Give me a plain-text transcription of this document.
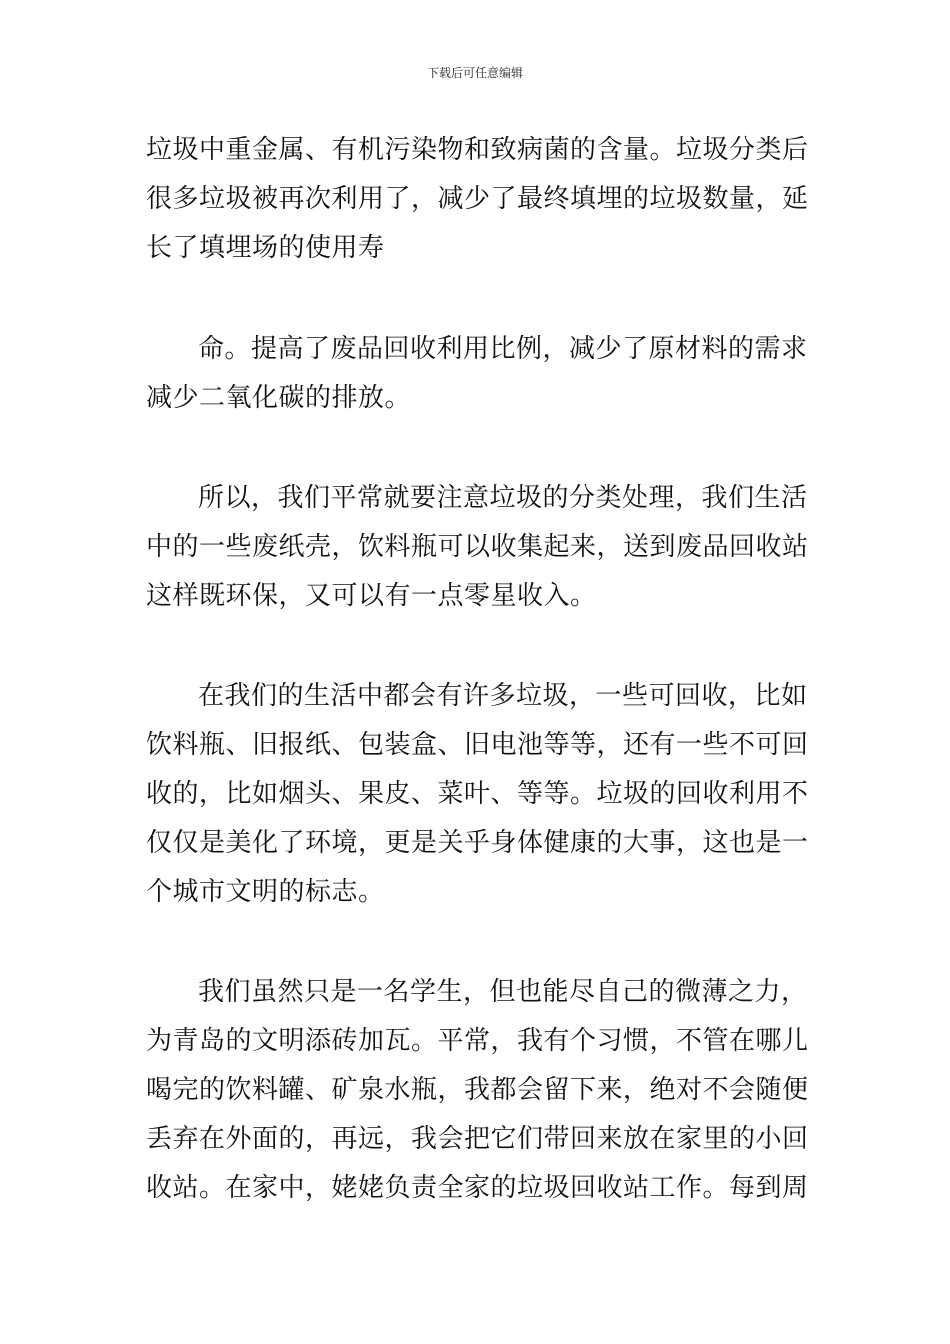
下载后可任意编辑
垃圾中重金属、有机污染物和致病菌的含量。垃圾分类后
很多垃圾被再次利用了，减少了最终填埋的垃圾数量，延
长了填埋场的使用寿
命。提高了废品回收利用比例，减少了原材料的需求
减少二氧化碳的排放。
所以，我们平常就要注意垃圾的分类处理，我们生活
中的一些废纸壳，饮料瓶可以收集起来，送到废品回收站
这样既环保，又可以有一点零星收入。
在我们的生活中都会有许多垃圾，一些可回收，比如
饮料瓶、旧报纸、包装盒、旧电池等等，还有一些不可回
收的，比如烟头、果皮、菜叶、等等。垃圾的回收利用不
仅仅是美化了环境，更是关乎身体健康的大事，这也是一
个城市文明的标志。
我们虽然只是一名学生，但也能尽自己的微薄之力，
为青岛的文明添砖加瓦。平常，我有个习惯，不管在哪儿
喝完的饮料罐、矿泉水瓶，我都会留下来，绝对不会随便
丢弃在外面的，再远，我会把它们带回来放在家里的小回
收站。在家中，姥姥负责全家的垃圾回收站工作。每到周
